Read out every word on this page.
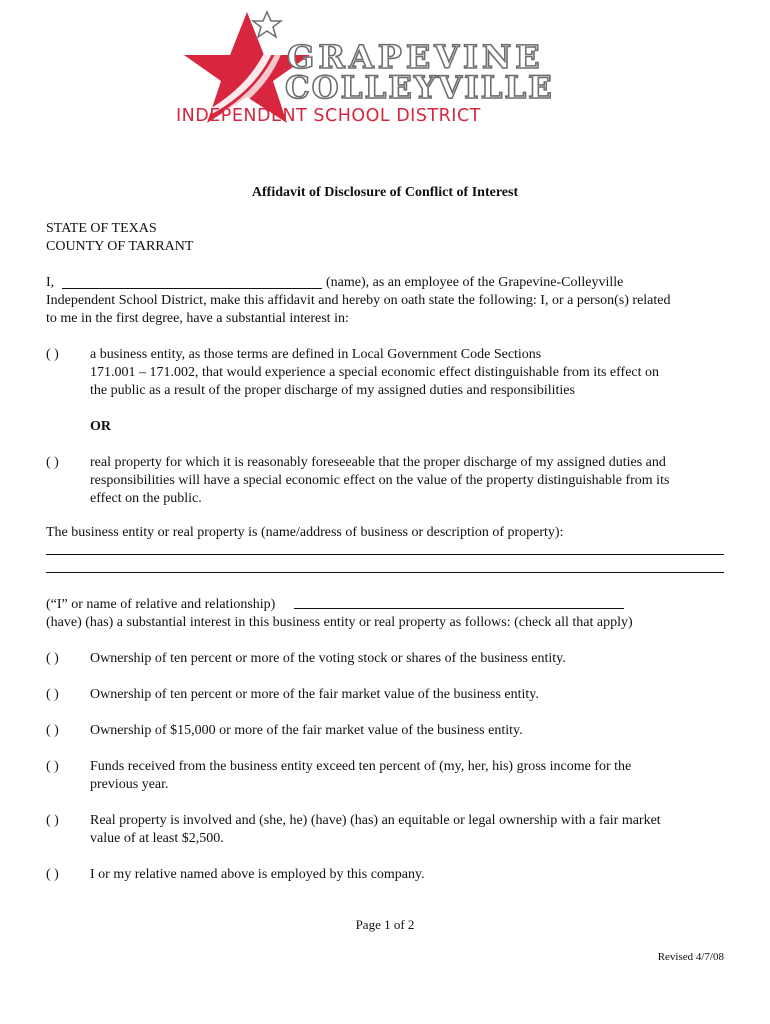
GRAPEVINE
COLLEYVILLE
INDEPENDENT SCHOOL DISTRICT
Affidavit of Disclosure of Conflict of Interest
STATE OF TEXAS
COUNTY OF TARRANT
I,	(name), as an employee of the Grapevine-Colleyville
Independent School District, make this affidavit and hereby on oath state the following: I, or a person(s) related
to me in the first degree, have a substantial interest in:
( ) a business entity, as those terms are defined in Local Government Code Sections
171.001 – 171.002, that would experience a special economic effect distinguishable from its effect on
the public as a result of the proper discharge of my assigned duties and responsibilities
OR
( ) real property for which it is reasonably foreseeable that the proper discharge of my assigned duties and
responsibilities will have a special economic effect on the value of the property distinguishable from its
effect on the public.
The business entity or real property is (name/address of business or description of property):
(“I” or name of relative and relationship)
(have) (has) a substantial interest in this business entity or real property as follows: (check all that apply)
( ) Ownership of ten percent or more of the voting stock or shares of the business entity.
( ) Ownership of ten percent or more of the fair market value of the business entity.
( ) Ownership of $15,000 or more of the fair market value of the business entity.
( ) Funds received from the business entity exceed ten percent of (my, her, his) gross income for the
previous year.
( ) Real property is involved and (she, he) (have) (has) an equitable or legal ownership with a fair market
value of at least $2,500.
( ) I or my relative named above is employed by this company.
Page 1 of 2
Revised 4/7/08
